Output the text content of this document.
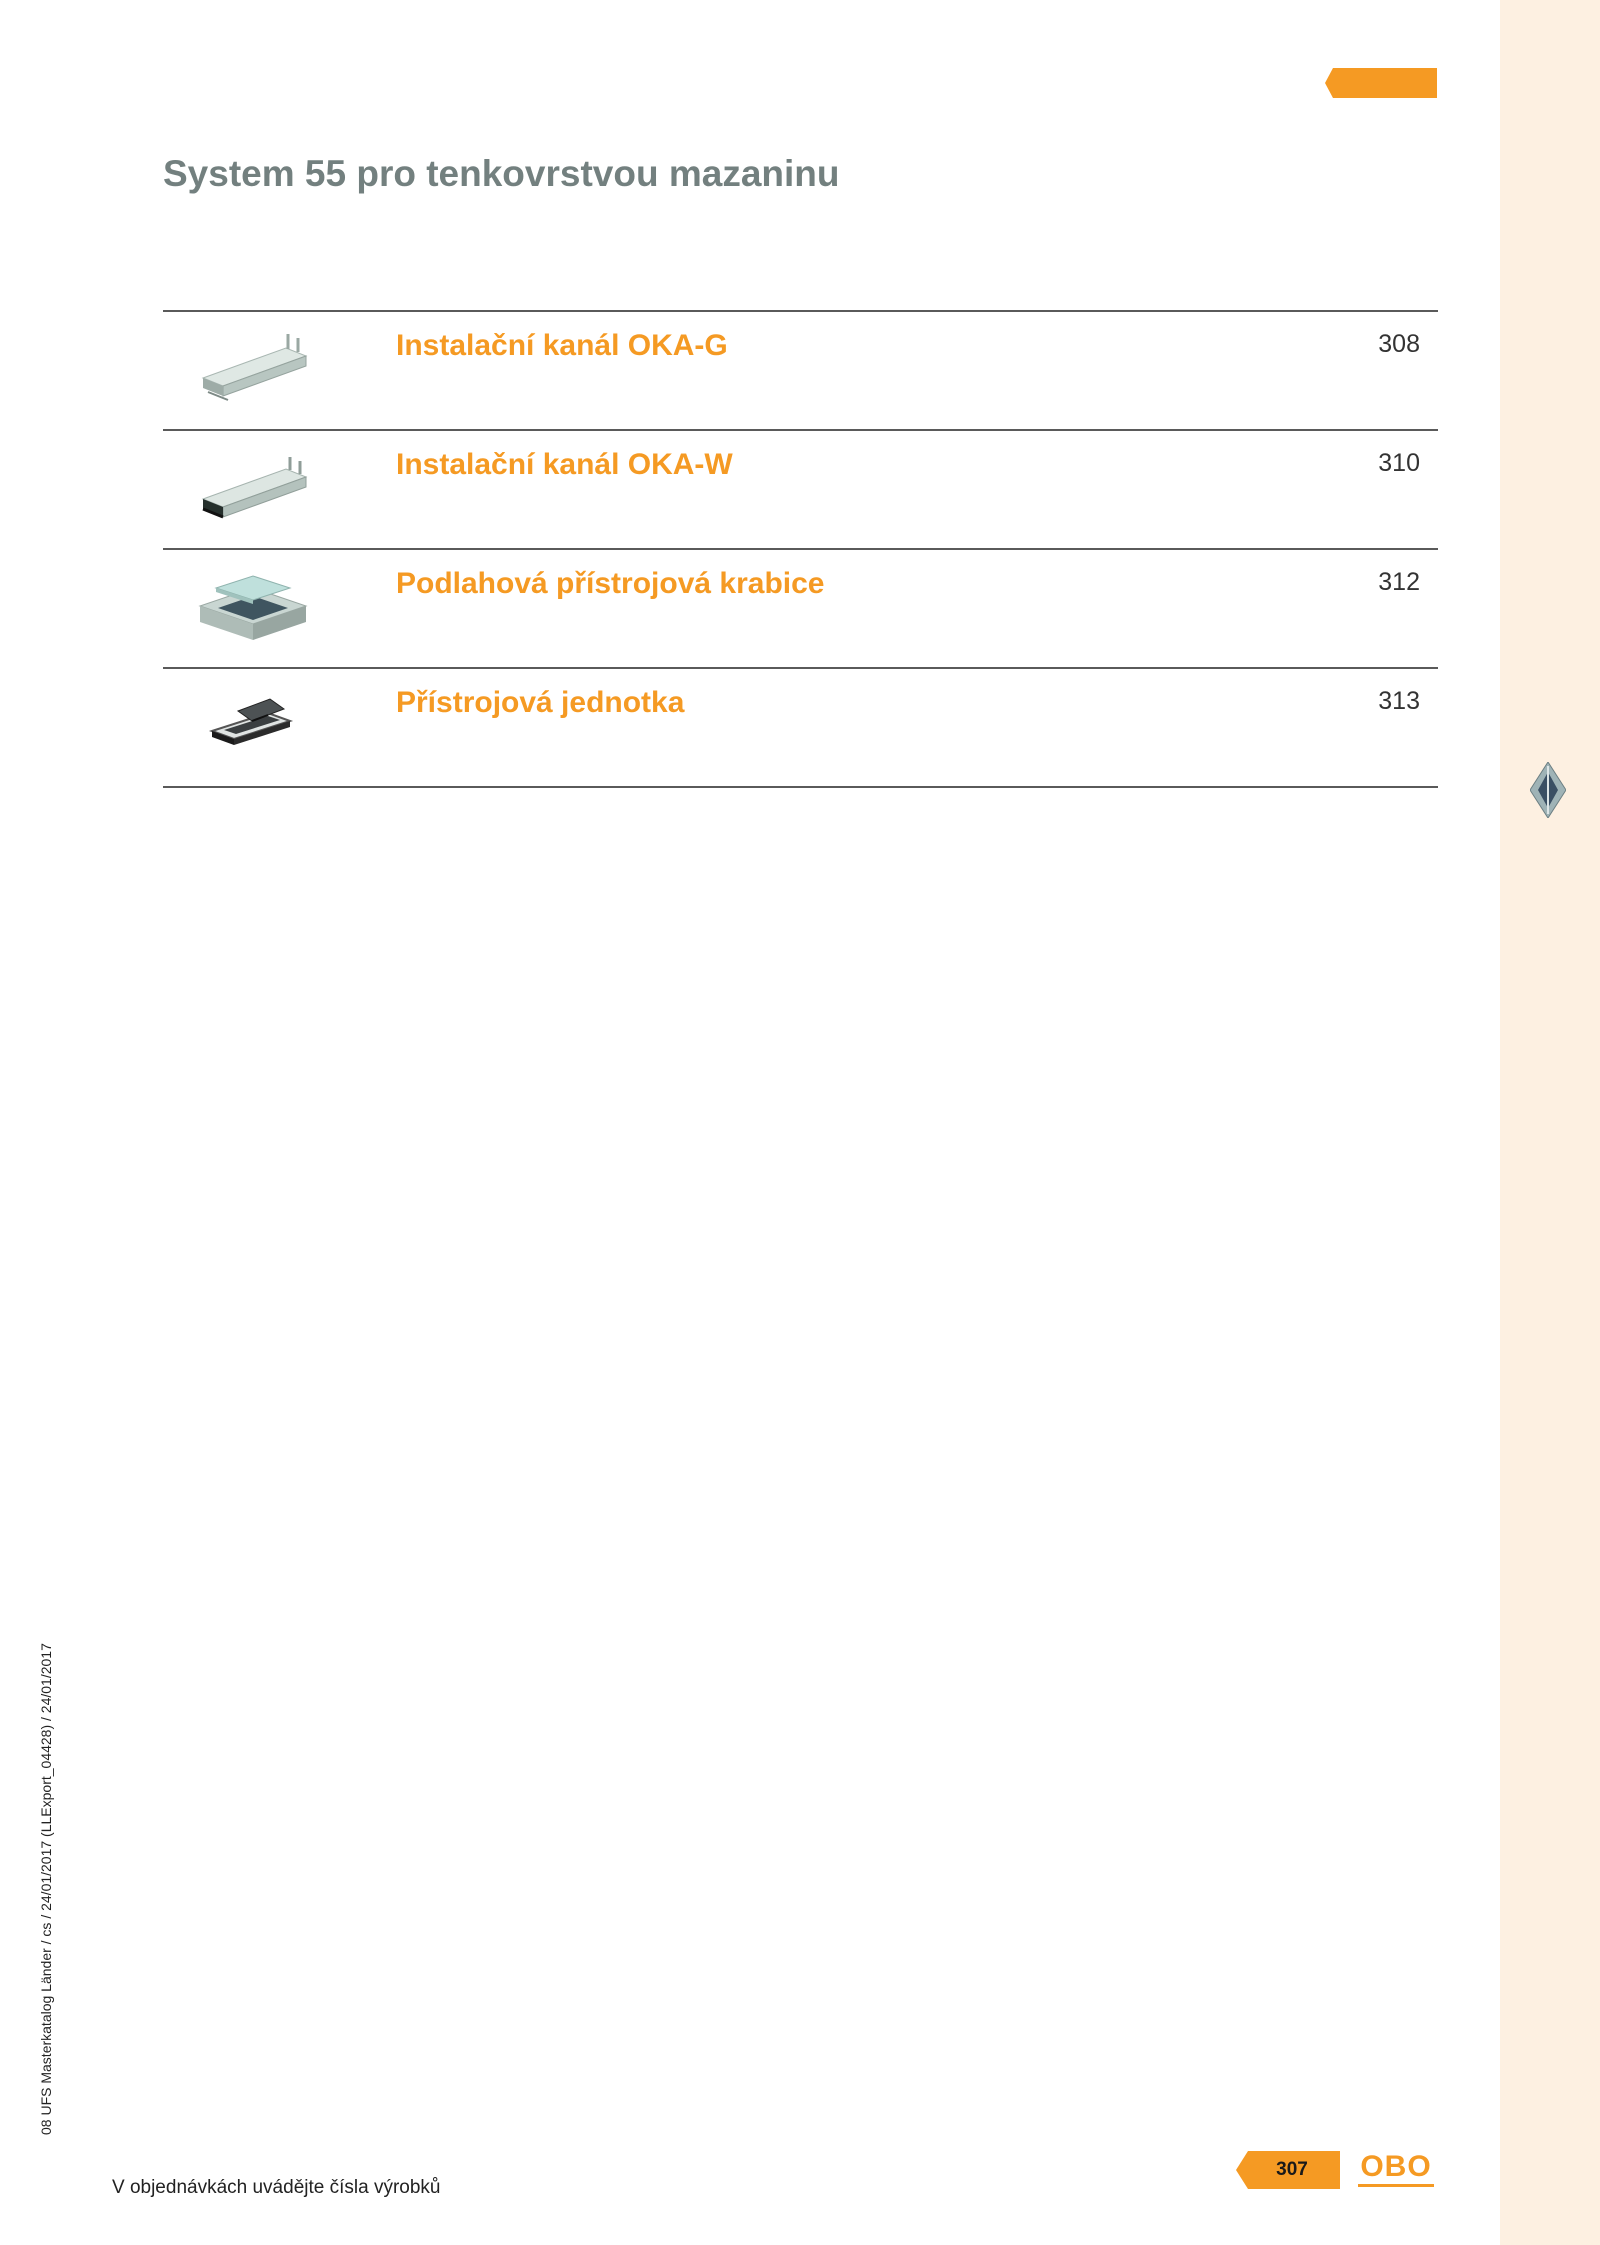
System 55 pro tenkovrstvou mazaninu
Instalační kanál OKA-G	308
Instalační kanál OKA-W	310
Podlahová přístrojová krabice	312
Přístrojová jednotka	313
08 UFS Masterkatalog Länder / cs / 24/01/2017 (LLExport_04428) / 24/01/2017
V objednávkách uvádějte čísla výrobků
307	OBO
